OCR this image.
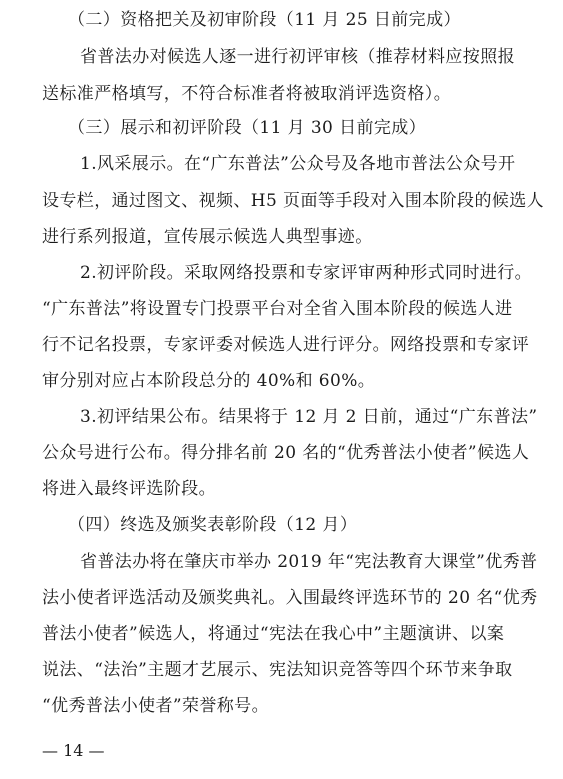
（二）资格把关及初审阶段（11 月 25 日前完成）
省普法办对候选人逐一进行初评审核（推荐材料应按照报
送标准严格填写，不符合标准者将被取消评选资格）。
（三）展示和初评阶段（11 月 30 日前完成）
1.风采展示。在“广东普法”公众号及各地市普法公众号开
设专栏，通过图文、视频、H5 页面等手段对入围本阶段的候选人
进行系列报道，宣传展示候选人典型事迹。
2.初评阶段。采取网络投票和专家评审两种形式同时进行。
“广东普法”将设置专门投票平台对全省入围本阶段的候选人进
行不记名投票，专家评委对候选人进行评分。网络投票和专家评
审分别对应占本阶段总分的 40%和 60%。
3.初评结果公布。结果将于 12 月 2 日前，通过“广东普法”
公众号进行公布。得分排名前 20 名的“优秀普法小使者”候选人
将进入最终评选阶段。
（四）终选及颁奖表彰阶段（12 月）
省普法办将在肇庆市举办 2019 年“宪法教育大课堂”优秀普
法小使者评选活动及颁奖典礼。入围最终评选环节的 20 名“优秀
普法小使者”候选人，将通过“宪法在我心中”主题演讲、以案
说法、“法治”主题才艺展示、宪法知识竞答等四个环节来争取
“优秀普法小使者”荣誉称号。
— 14 —
